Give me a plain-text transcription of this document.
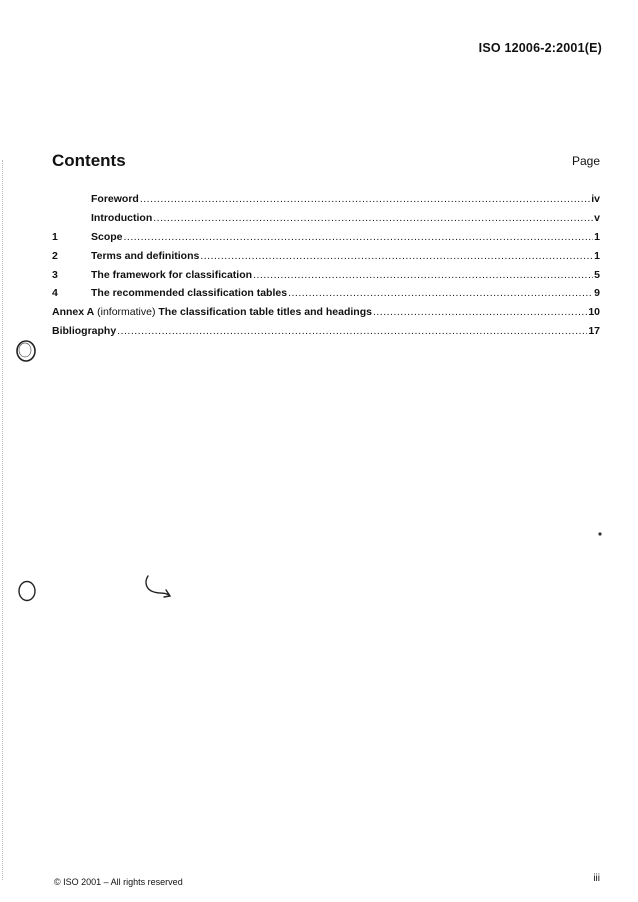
ISO 12006-2:2001(E)
Contents	Page
Foreword .....	iv
Introduction .....	v
1	Scope .....	1
2	Terms and definitions .....	1
3	The framework for classification .....	5
4	The recommended classification tables .....	9
Annex A (informative) The classification table titles and headings .....	10
Bibliography .....	17
© ISO 2001 – All rights reserved	iii
